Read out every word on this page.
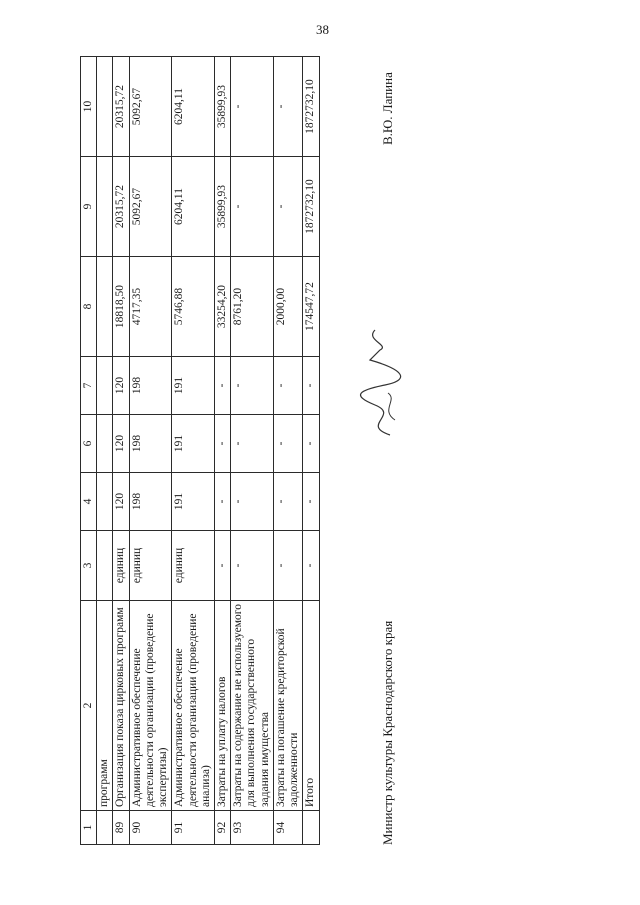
38
1	2	3	4	6	7	8	9	10
	программ							
89	Организация показа цирковых программ	единиц	120	120	120	18818,50	20315,72	20315,72
90	Административное обеспечение деятельности организации (проведение экспертизы)	единиц	198	198	198	4717,35	5092,67	5092,67
91	Административное обеспечение деятельности организации (проведение анализа)	единиц	191	191	191	5746,88	6204,11	6204,11
92	Затраты на уплату налогов	-	-	-	-	33254,20	35899,93	35899,93
93	Затраты на содержание не используемого для выполнения государственного задания имущества	-	-	-	-	8761,20	-	-
94	Затраты на погашение кредиторской задолженности	-	-	-	-	2000,00	-	-
	Итого	-	-	-	-	174547,72	1872732,10	1872732,10
Министр культуры Краснодарского края
В.Ю. Лапина
